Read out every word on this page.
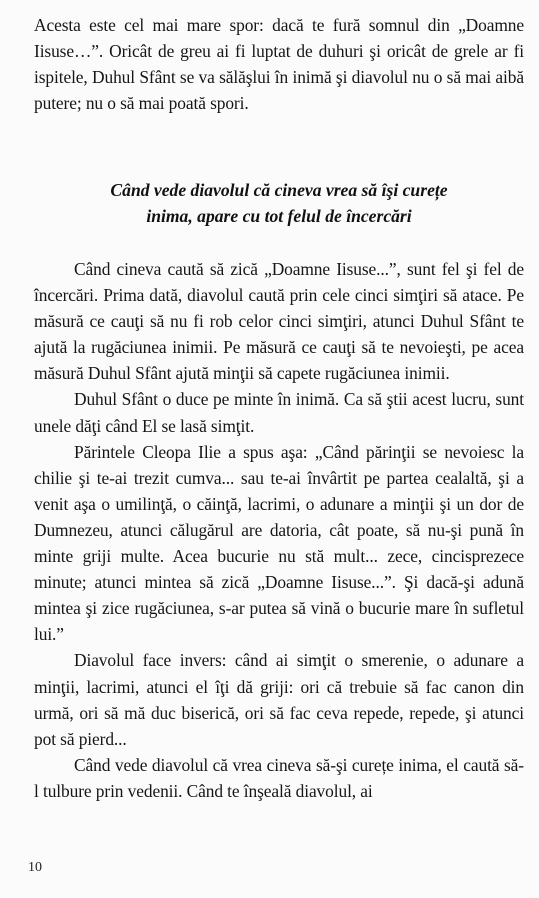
Acesta este cel mai mare spor: dacă te fură somnul din „Doamne Iisuse…”. Oricât de greu ai fi luptat de duhuri şi oricât de grele ar fi ispitele, Duhul Sfânt se va sălăşlui în inimă şi diavolul nu o să mai aibă putere; nu o să mai poată spori.

Când vede diavolul că cineva vrea să îşi curețe
inima, apare cu tot felul de încercări

Când cineva caută să zică „Doamne Iisuse...”, sunt fel şi fel de încercări. Prima dată, diavolul caută prin cele cinci simţiri să atace. Pe măsură ce cauţi să nu fi rob celor cinci simţiri, atunci Duhul Sfânt te ajută la rugăciunea inimii. Pe măsură ce cauţi să te nevoieşti, pe acea măsură Duhul Sfânt ajută minţii să capete rugăciunea inimii.

Duhul Sfânt o duce pe minte în inimă. Ca să ştii acest lucru, sunt unele dăţi când El se lasă simţit.

Părintele Cleopa Ilie a spus aşa: „Când părinţii se nevoiesc la chilie şi te-ai trezit cumva... sau te-ai învârtit pe partea cealaltă, şi a venit aşa o umilinţă, o căinţă, lacrimi, o adunare a minţii şi un dor de Dumnezeu, atunci călugărul are datoria, cât poate, să nu-şi pună în minte griji multe. Acea bucurie nu stă mult... zece, cincisprezece minute; atunci mintea să zică „Doamne Iisuse...”. Şi dacă-şi adună mintea şi zice rugăciunea, s-ar putea să vină o bucurie mare în sufletul lui.”

Diavolul face invers: când ai simţit o smerenie, o adunare a minţii, lacrimi, atunci el îţi dă griji: ori că trebuie să fac canon din urmă, ori să mă duc biserică, ori să fac ceva repede, repede, şi atunci pot să pierd...

Când vede diavolul că vrea cineva să-şi curețe inima, el caută să-l tulbure prin vedenii. Când te înşeală diavolul, ai

10
